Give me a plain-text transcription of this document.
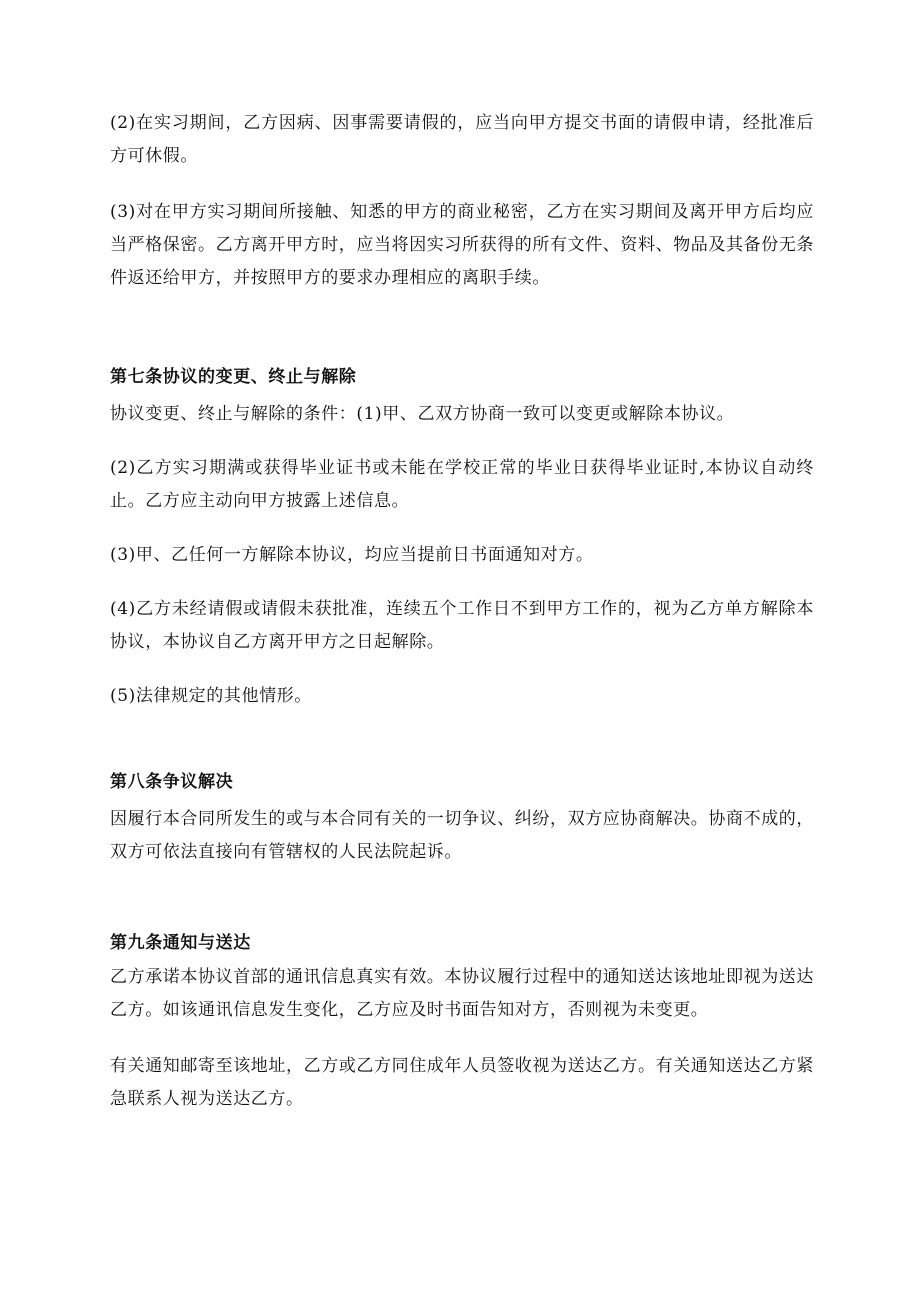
(2)在实习期间，乙方因病、因事需要请假的，应当向甲方提交书面的请假申请，经批准后方可休假。

(3)对在甲方实习期间所接触、知悉的甲方的商业秘密，乙方在实习期间及离开甲方后均应当严格保密。乙方离开甲方时，应当将因实习所获得的所有文件、资料、物品及其备份无条件返还给甲方，并按照甲方的要求办理相应的离职手续。

第七条协议的变更、终止与解除

协议变更、终止与解除的条件：(1)甲、乙双方协商一致可以变更或解除本协议。

(2)乙方实习期满或获得毕业证书或未能在学校正常的毕业日获得毕业证时,本协议自动终止。乙方应主动向甲方披露上述信息。

(3)甲、乙任何一方解除本协议，均应当提前日书面通知对方。

(4)乙方未经请假或请假未获批准，连续五个工作日不到甲方工作的，视为乙方单方解除本协议，本协议自乙方离开甲方之日起解除。

(5)法律规定的其他情形。

第八条争议解决

因履行本合同所发生的或与本合同有关的一切争议、纠纷，双方应协商解决。协商不成的，双方可依法直接向有管辖权的人民法院起诉。

第九条通知与送达

乙方承诺本协议首部的通讯信息真实有效。本协议履行过程中的通知送达该地址即视为送达乙方。如该通讯信息发生变化，乙方应及时书面告知对方，否则视为未变更。

有关通知邮寄至该地址，乙方或乙方同住成年人员签收视为送达乙方。有关通知送达乙方紧急联系人视为送达乙方。
